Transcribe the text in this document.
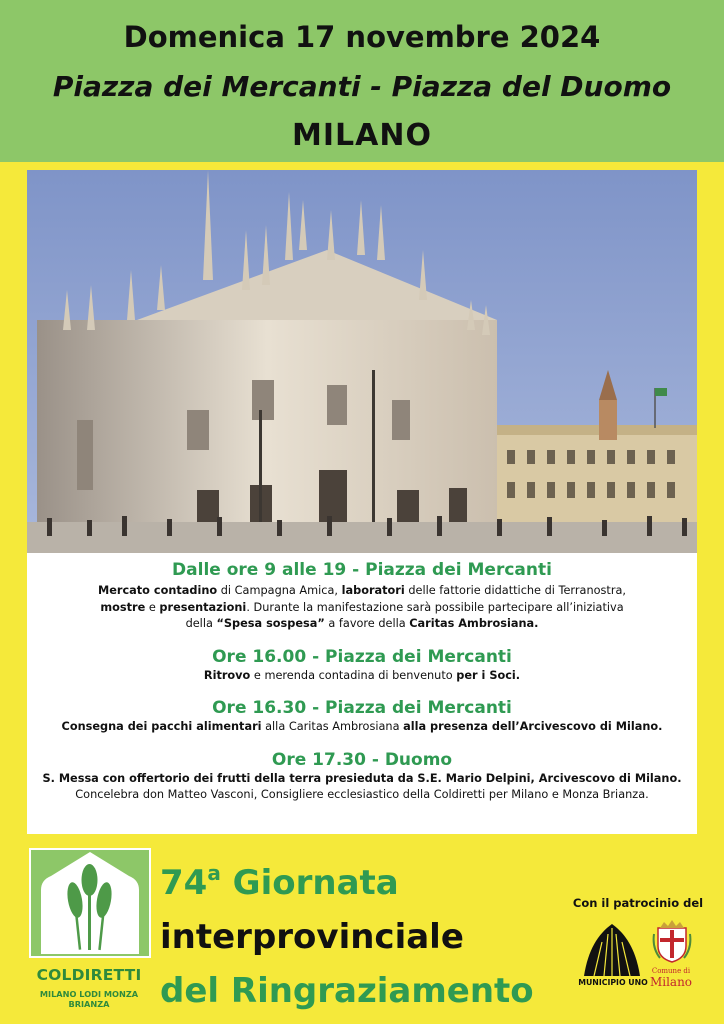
Domenica 17 novembre 2024
Piazza dei Mercanti - Piazza del Duomo
MILANO
Dalle ore 9 alle 19 - Piazza dei Mercanti
Mercato contadino di Campagna Amica, laboratori delle fattorie didattiche di Terranostra,
mostre e presentazioni. Durante la manifestazione sarà possibile partecipare all’iniziativa
della “Spesa sospesa” a favore della Caritas Ambrosiana.
Ore 16.00 - Piazza dei Mercanti
Ritrovo e merenda contadina di benvenuto per i Soci.
Ore 16.30 - Piazza dei Mercanti
Consegna dei pacchi alimentari alla Caritas Ambrosiana alla presenza dell’Arcivescovo di Milano.
Ore 17.30 - Duomo
S. Messa con offertorio dei frutti della terra presieduta da S.E. Mario Delpini, Arcivescovo di Milano.
Concelebra don Matteo Vasconi, Consigliere ecclesiastico della Coldiretti per Milano e Monza Brianza.
COLDIRETTI
MILANO LODI MONZA BRIANZA
74$^a$ Giornata
interprovinciale
del Ringraziamento
Con il patrocinio del
MUNICIPIO UNO
Comune di
Milano
